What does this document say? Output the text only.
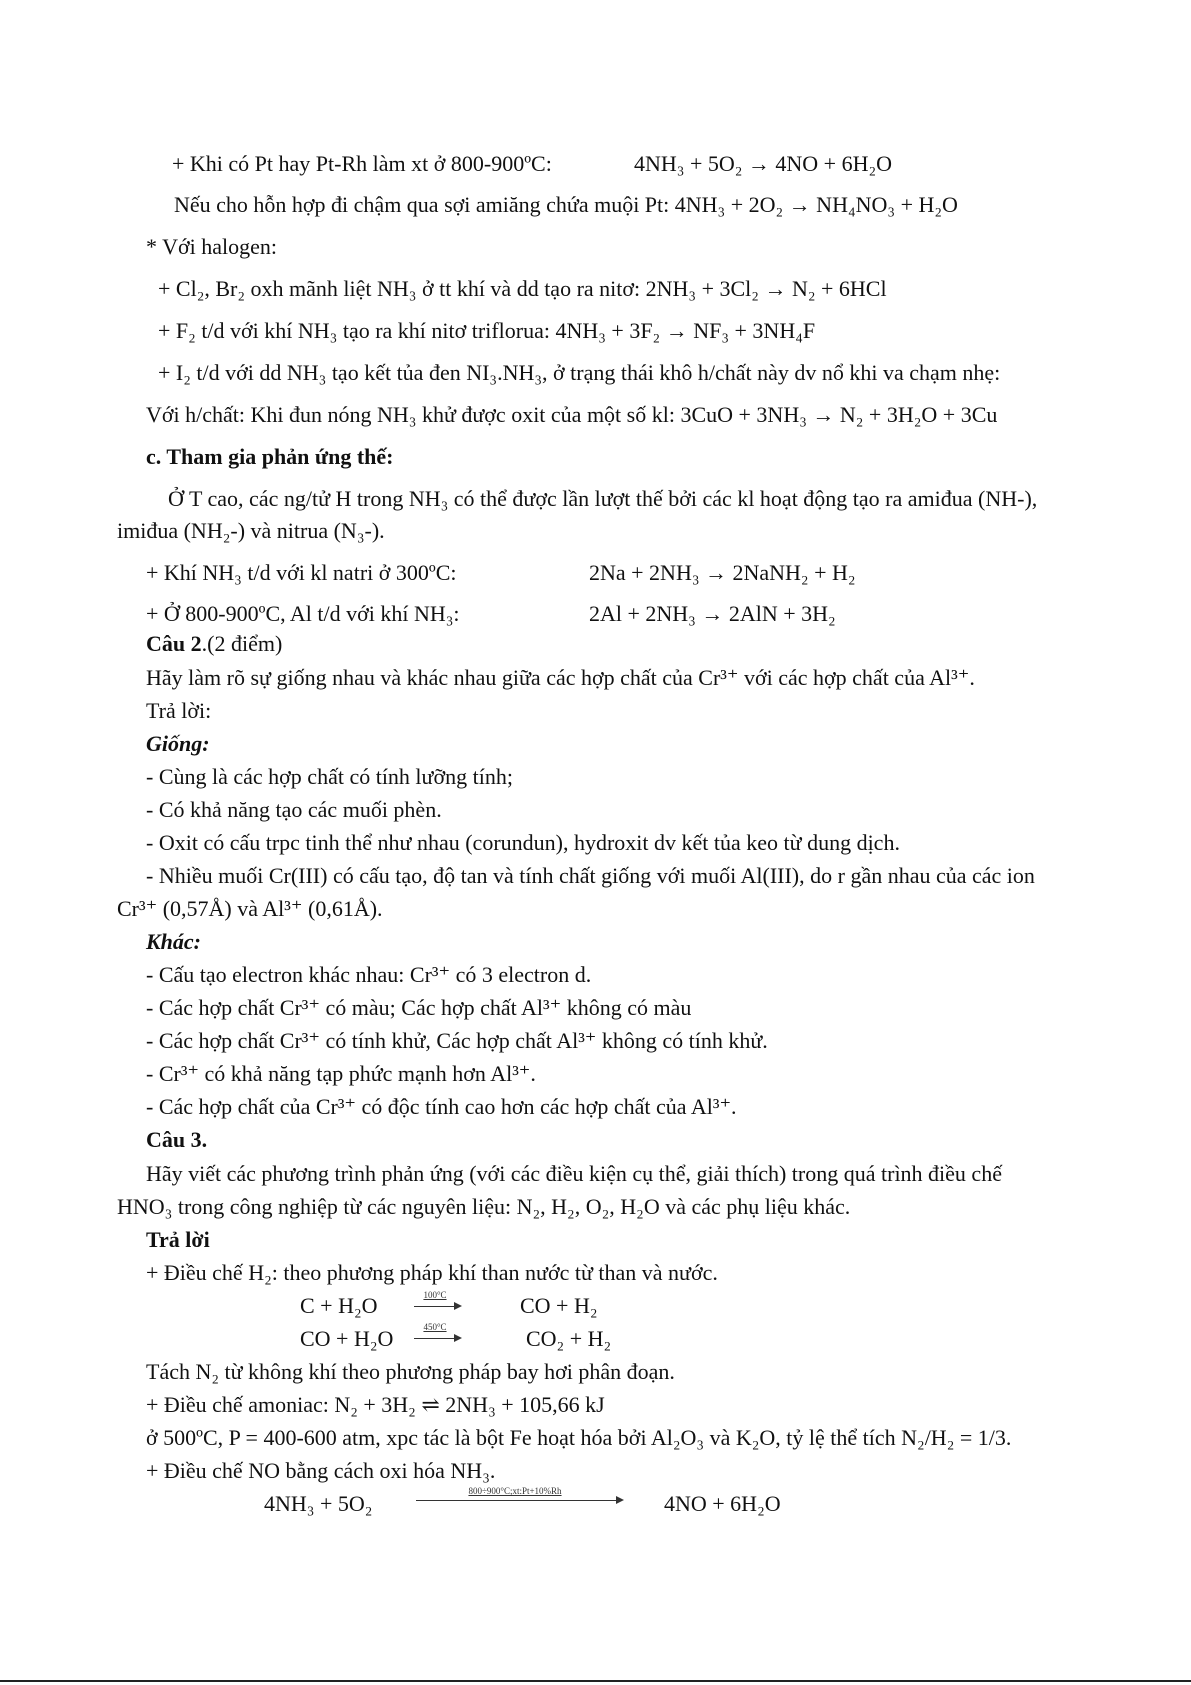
+ Khi có Pt hay Pt-Rh làm xt ở 800-900ºC:	4NH₃ + 5O₂ → 4NO + 6H₂O
Nếu cho hỗn hợp đi chậm qua sợi amiăng chứa muội Pt: 4NH₃ + 2O₂ → NH₄NO₃ + H₂O
* Với halogen:
+ Cl₂, Br₂ oxh mãnh liệt NH₃ ở tt khí và dd tạo ra nitơ: 2NH₃ + 3Cl₂ → N₂ + 6HCl
+ F₂ t/d với khí NH₃ tạo ra khí nitơ triflorua: 4NH₃ + 3F₂ → NF₃ + 3NH₄F
+ I₂ t/d với dd NH₃ tạo kết tủa đen NI₃.NH₃, ở trạng thái khô h/chất này dv nổ khi va chạm nhẹ:
Với h/chất: Khi đun nóng NH₃ khử được oxit của một số kl: 3CuO + 3NH₃ → N₂ + 3H₂O + 3Cu
c. Tham gia phản ứng thế:
Ở T cao, các ng/tử H trong NH₃ có thể được lần lượt thế bởi các kl hoạt động tạo ra amiđua (NH-),
imiđua (NH₂-) và nitrua (N₃-).
+ Khí NH₃ t/d với kl natri ở 300ºC:	2Na + 2NH₃ → 2NaNH₂ + H₂
+ Ở 800-900ºC, Al t/d với khí NH₃:	2Al + 2NH₃ → 2AlN + 3H₂
Câu 2.(2 điểm)
Hãy làm rõ sự giống nhau và khác nhau giữa các hợp chất của Cr³⁺ với các hợp chất của Al³⁺.
Trả lời:
Giống:
- Cùng là các hợp chất có tính lưỡng tính;
- Có khả năng tạo các muối phèn.
- Oxit có cấu trpc tinh thể như nhau (corundun), hydroxit dv kết tủa keo từ dung dịch.
- Nhiều muối Cr(III) có cấu tạo, độ tan và tính chất giống với muối Al(III), do r gần nhau của các ion
Cr³⁺ (0,57Å) và Al³⁺ (0,61Å).
Khác:
- Cấu tạo electron khác nhau: Cr³⁺ có 3 electron d.
- Các hợp chất Cr³⁺ có màu; Các hợp chất Al³⁺ không có màu
- Các hợp chất Cr³⁺ có tính khử, Các hợp chất Al³⁺ không có tính khử.
- Cr³⁺ có khả năng tạp phức mạnh hơn Al³⁺.
- Các hợp chất của Cr³⁺ có độc tính cao hơn các hợp chất của Al³⁺.
Câu 3.
Hãy viết các phương trình phản ứng (với các điều kiện cụ thể, giải thích) trong quá trình điều chế
HNO₃ trong công nghiệp từ các nguyên liệu: N₂, H₂, O₂, H₂O và các phụ liệu khác.
Trả lời
+ Điều chế H₂: theo phương pháp khí than nước từ than và nước.
C + H₂O	100°C	CO + H₂
CO + H₂O	450°C	CO₂ + H₂
Tách N₂ từ không khí theo phương pháp bay hơi phân đoạn.
+ Điều chế amoniac: N₂ + 3H₂ ⇌ 2NH₃ + 105,66 kJ
ở 500ºC, P = 400-600 atm, xpc tác là bột Fe hoạt hóa bởi Al₂O₃ và K₂O, tỷ lệ thể tích N₂/H₂ = 1/3.
+ Điều chế NO bằng cách oxi hóa NH₃.
4NH₃ + 5O₂	800÷900°C;xt:Pt+10%Rh	4NO + 6H₂O
